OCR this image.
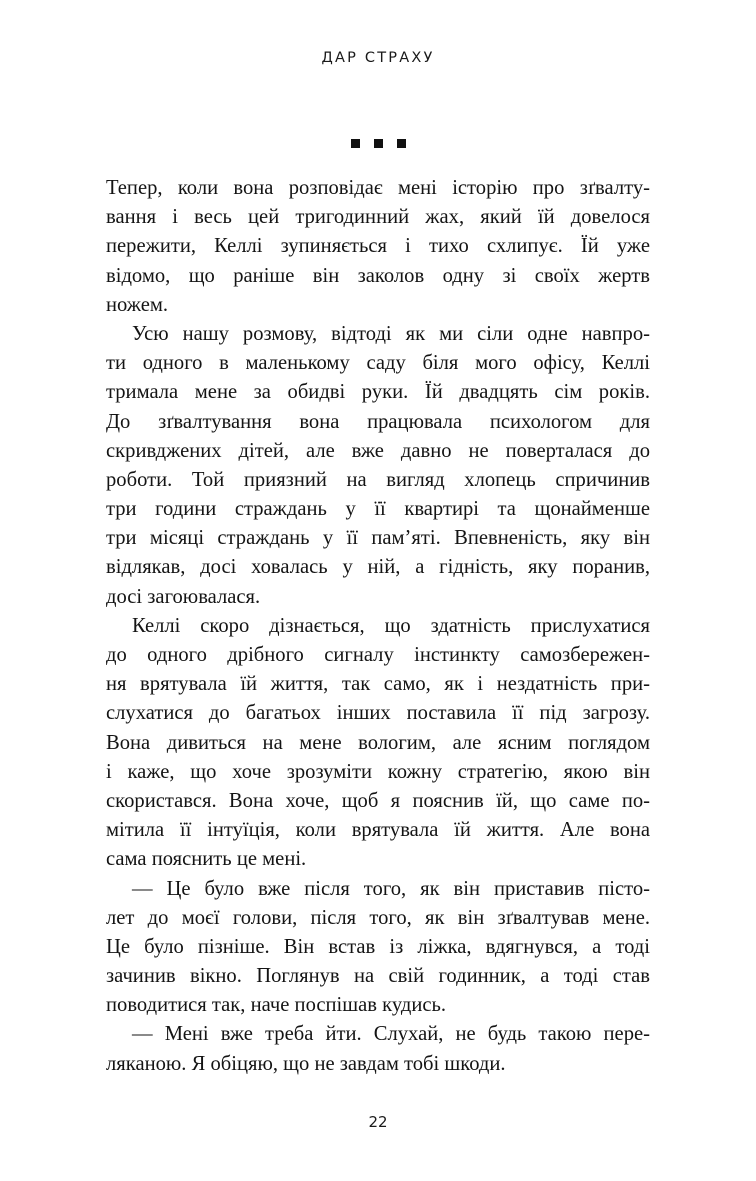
ДАР СТРАХУ

Тепер, коли вона розповідає мені історію про зґвалту-
вання і весь цей тригодинний жах, який їй довелося
пережити, Келлі зупиняється і тихо схлипує. Їй уже
відомо, що раніше він заколов одну зі своїх жертв
ножем.

Усю нашу розмову, відтоді як ми сіли одне навпро-
ти одного в маленькому саду біля мого офісу, Келлі
тримала мене за обидві руки. Їй двадцять сім років.
До зґвалтування вона працювала психологом для
скривджених дітей, але вже давно не поверталася до
роботи. Той приязний на вигляд хлопець спричинив
три години страждань у її квартирі та щонайменше
три місяці страждань у її пам’яті. Впевненість, яку він
відлякав, досі ховалась у ній, а гідність, яку поранив,
досі загоювалася.

Келлі скоро дізнається, що здатність прислухатися
до одного дрібного сигналу інстинкту самозбережен-
ня врятувала їй життя, так само, як і нездатність при-
слухатися до багатьох інших поставила її під загрозу.
Вона дивиться на мене вологим, але ясним поглядом
і каже, що хоче зрозуміти кожну стратегію, якою він
скористався. Вона хоче, щоб я пояснив їй, що саме по-
мітила її інтуїція, коли врятувала їй життя. Але вона
сама пояснить це мені.

— Це було вже після того, як він приставив пісто-
лет до моєї голови, після того, як він зґвалтував мене.
Це було пізніше. Він встав із ліжка, вдягнувся, а тоді
зачинив вікно. Поглянув на свій годинник, а тоді став
поводитися так, наче поспішав кудись.

— Мені вже треба йти. Слухай, не будь такою пере-
ляканою. Я обіцяю, що не завдам тобі шкоди.

22
